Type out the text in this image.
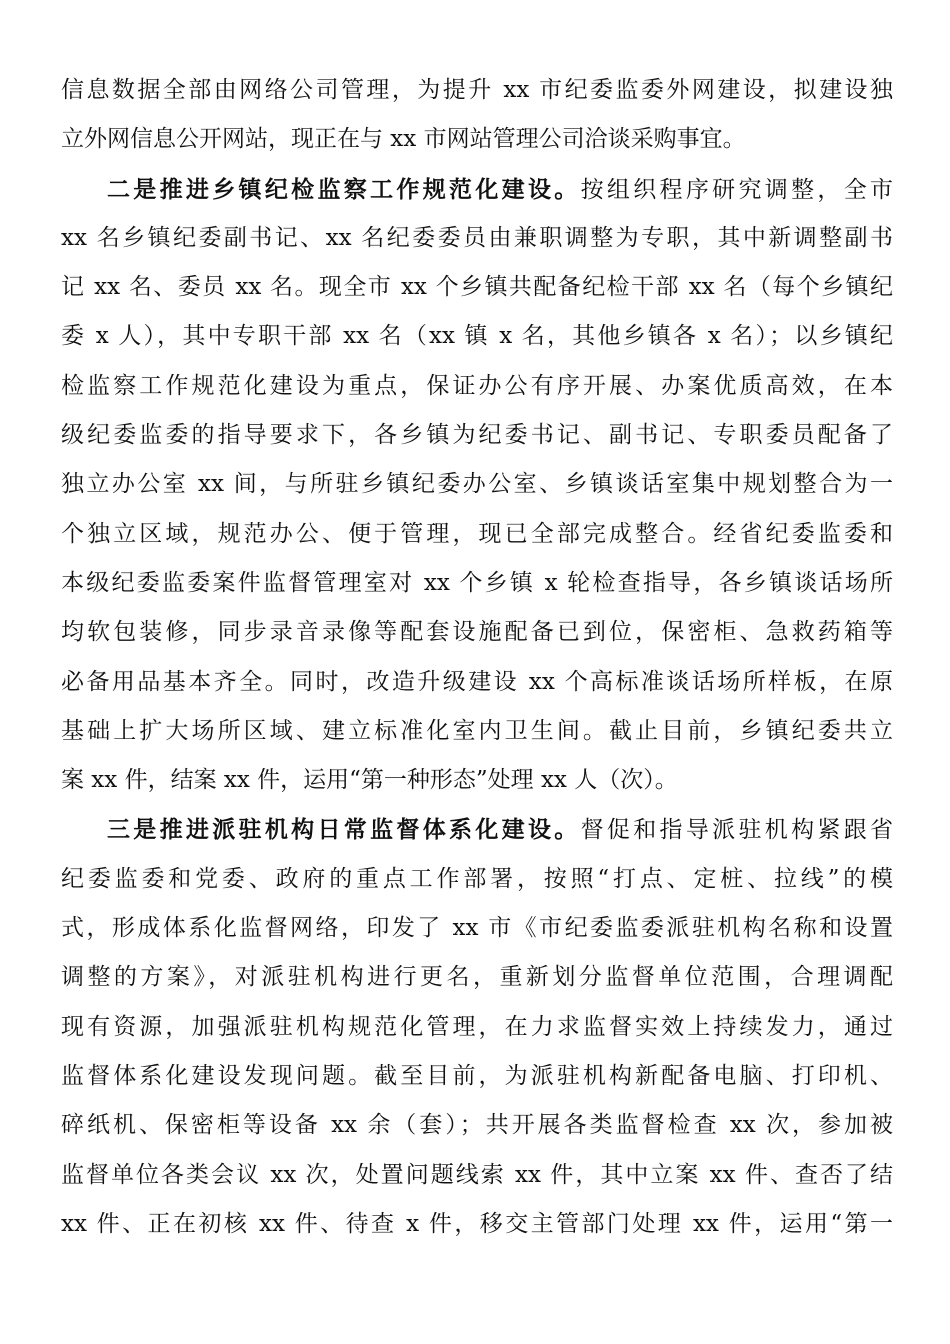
信息数据全部由网络公司管理，为提升 xx 市纪委监委外网建设，拟建设独
立外网信息公开网站，现正在与 xx 市网站管理公司洽谈采购事宜。
二是推进乡镇纪检监察工作规范化建设。按组织程序研究调整，全市
xx 名乡镇纪委副书记、xx 名纪委委员由兼职调整为专职，其中新调整副书
记 xx 名、委员 xx 名。现全市 xx 个乡镇共配备纪检干部 xx 名（每个乡镇纪
委 x 人），其中专职干部 xx 名（xx 镇 x 名，其他乡镇各 x 名）；以乡镇纪
检监察工作规范化建设为重点，保证办公有序开展、办案优质高效，在本
级纪委监委的指导要求下，各乡镇为纪委书记、副书记、专职委员配备了
独立办公室 xx 间，与所驻乡镇纪委办公室、乡镇谈话室集中规划整合为一
个独立区域，规范办公、便于管理，现已全部完成整合。经省纪委监委和
本级纪委监委案件监督管理室对 xx 个乡镇 x 轮检查指导，各乡镇谈话场所
均软包装修，同步录音录像等配套设施配备已到位，保密柜、急救药箱等
必备用品基本齐全。同时，改造升级建设 xx 个高标准谈话场所样板，在原
基础上扩大场所区域、建立标准化室内卫生间。截止目前，乡镇纪委共立
案 xx 件，结案 xx 件，运用“第一种形态”处理 xx 人（次）。
三是推进派驻机构日常监督体系化建设。督促和指导派驻机构紧跟省
纪委监委和党委、政府的重点工作部署，按照“打点、定桩、拉线”的模
式，形成体系化监督网络，印发了 xx 市《市纪委监委派驻机构名称和设置
调整的方案》，对派驻机构进行更名，重新划分监督单位范围，合理调配
现有资源，加强派驻机构规范化管理，在力求监督实效上持续发力，通过
监督体系化建设发现问题。截至目前，为派驻机构新配备电脑、打印机、
碎纸机、保密柜等设备 xx 余（套）；共开展各类监督检查 xx 次，参加被
监督单位各类会议 xx 次，处置问题线索 xx 件，其中立案 xx 件、查否了结
xx 件、正在初核 xx 件、待查 x 件，移交主管部门处理 xx 件，运用“第一
